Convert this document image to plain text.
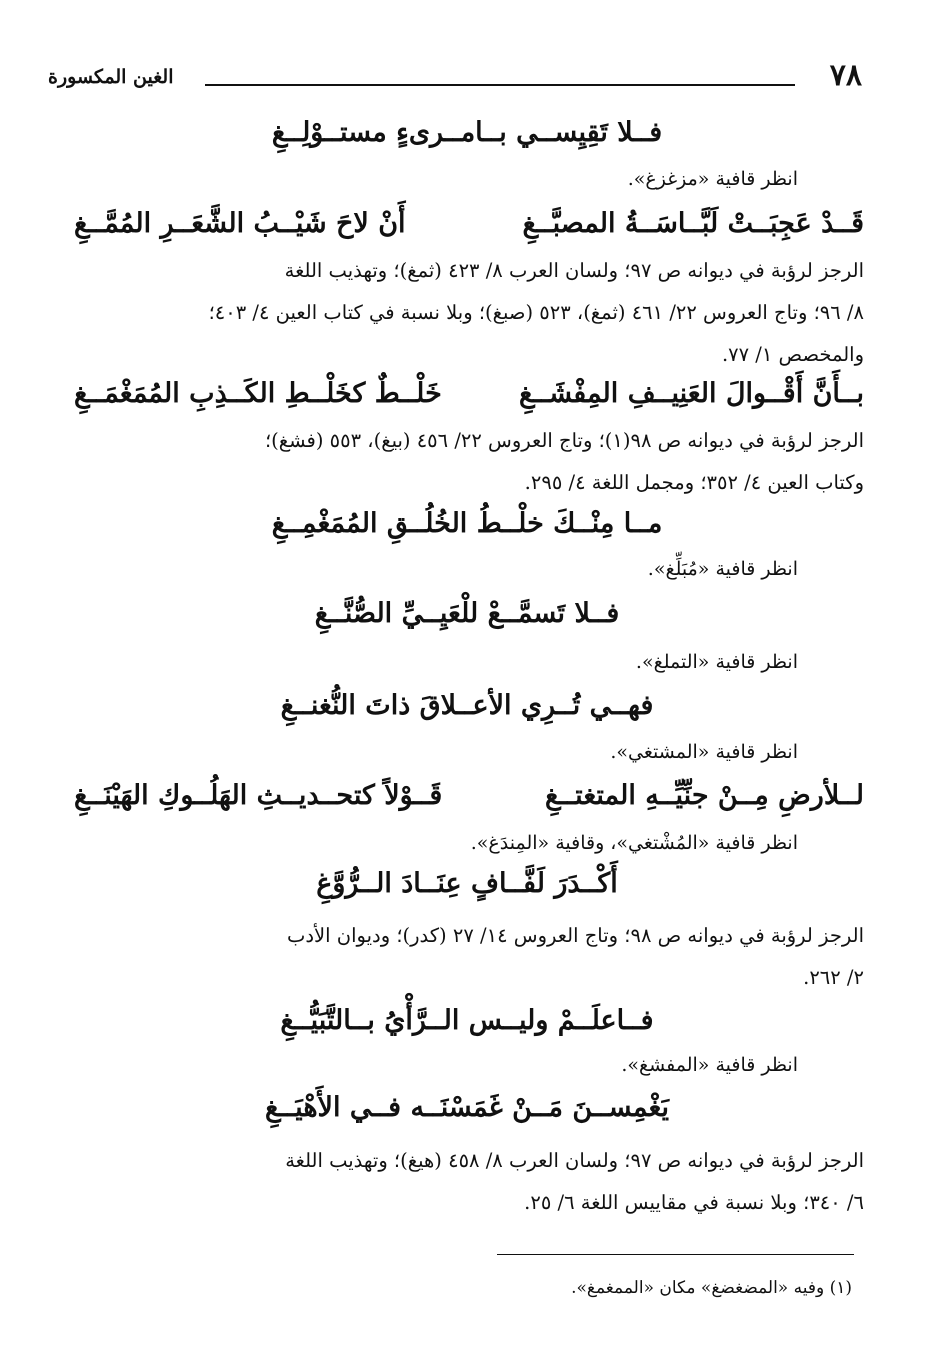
٧٨
الغين المكسورة
فــلا تَقِيِســي بــامــرىءٍ مستــوْلِــغِ
انظر قافية «مزغزغ».
قَــدْ عَجِبَــتْ لَبَّــاسَــةُ المصبَّــغِ
أَنْ لاحَ شَيْــبُ الشَّعَــرِ المُمَّــغِ
الرجز لرؤبة في ديوانه ص ٩٧؛ ولسان العرب ٨/ ٤٢٣ (ثمغ)؛ وتهذيب اللغة
٨/ ٩٦؛ وتاج العروس ٢٢/ ٤٦١ (ثمغ)، ٥٢٣ (صبغ)؛ وبلا نسبة في كتاب العين ٤/ ٤٠٣؛
والمخصص ١/ ٧٧.
بــأَنَّ أَقْــوالَ العَنِيــفِ المِفْشَــغِ
خَلْــطٌ كخَلْــطِ الكَــذِبِ المُمَغْمَــغِ
الرجز لرؤبة في ديوانه ص ٩٨(١)؛ وتاج العروس ٢٢/ ٤٥٦ (بيغ)، ٥٥٣ (فشغ)؛
وكتاب العين ٤/ ٣٥٢؛ ومجمل اللغة ٤/ ٢٩٥.
مــا مِنْــكَ خلْــطُ الخُلُــقِ المُمَغْمِــغِ
انظر قافية «مُبَلِّغ».
فــلا تَسمَّــعْ للْعَيِــيِّ الصُّنَّــغِ
انظر قافية «التملغ».
فهــي تُــرِي الأعــلاقَ ذاتَ النُّغنــغِ
انظر قافية «المشتغي».
لــلأرضِ مِــنْ جنِّيِّــهِ المتغتــغِ
قَــوْلاً كتحــديــثِ الهَلُــوكِ الهَيْنَــغِ
انظر قافية «المُشْتغي»، وقافية «المِندَغ».
أَكْــدَرَ لَفَّــافٍ عِنَــادَ الــرُّوَّغِ
الرجز لرؤبة في ديوانه ص ٩٨؛ وتاج العروس ١٤/ ٢٧ (كدر)؛ وديوان الأدب
٢/ ٢٦٢.
فــاعلَــمْ وليــس الــرَّأْيُ بــالتَّبَيُّــغِ
انظر قافية «المفشغ».
يَغْمِســنَ مَــنْ غَمَسْنَــه فــي الأَهْيَــغِ
الرجز لرؤبة في ديوانه ص ٩٧؛ ولسان العرب ٨/ ٤٥٨ (هيغ)؛ وتهذيب اللغة
٦/ ٣٤٠؛ وبلا نسبة في مقاييس اللغة ٦/ ٢٥.
(١) وفيه «المضغضغ» مكان «الممغمغ».
